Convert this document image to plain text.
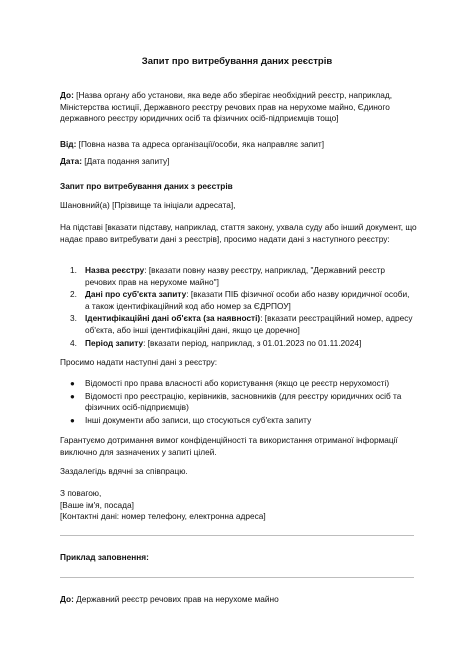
Запит про витребування даних реєстрів
До: [Назва органу або установи, яка веде або зберігає необхідний реєстр, наприклад, Міністерства юстиції, Державного реєстру речових прав на нерухоме майно, Єдиного державного реєстру юридичних осіб та фізичних осіб-підприємців тощо]
Від: [Повна назва та адреса організації/особи, яка направляє запит]
Дата: [Дата подання запиту]
Запит про витребування даних з реєстрів
Шановний(а) [Прізвище та ініціали адресата],
На підставі [вказати підставу, наприклад, стаття закону, ухвала суду або інший документ, що надає право витребувати дані з реєстрів], просимо надати дані з наступного реєстру:
1. Назва реєстру: [вказати повну назву реєстру, наприклад, "Державний реєстр речових прав на нерухоме майно"]
2. Дані про суб'єкта запиту: [вказати ПІБ фізичної особи або назву юридичної особи, а також ідентифікаційний код або номер за ЄДРПОУ]
3. Ідентифікаційні дані об'єкта (за наявності): [вказати реєстраційний номер, адресу об'єкта, або інші ідентифікаційні дані, якщо це доречно]
4. Період запиту: [вказати період, наприклад, з 01.01.2023 по 01.11.2024]
Просимо надати наступні дані з реєстру:
● Відомості про права власності або користування (якщо це реєстр нерухомості)
● Відомості про реєстрацію, керівників, засновників (для реєстру юридичних осіб та фізичних осіб-підприємців)
● Інші документи або записи, що стосуються суб'єкта запиту
Гарантуємо дотримання вимог конфіденційності та використання отриманої інформації виключно для зазначених у запиті цілей.
Заздалегідь вдячні за співпрацю.
З повагою,
[Ваше ім'я, посада]
[Контактні дані: номер телефону, електронна адреса]
Приклад заповнення:
До: Державний реєстр речових прав на нерухоме майно
